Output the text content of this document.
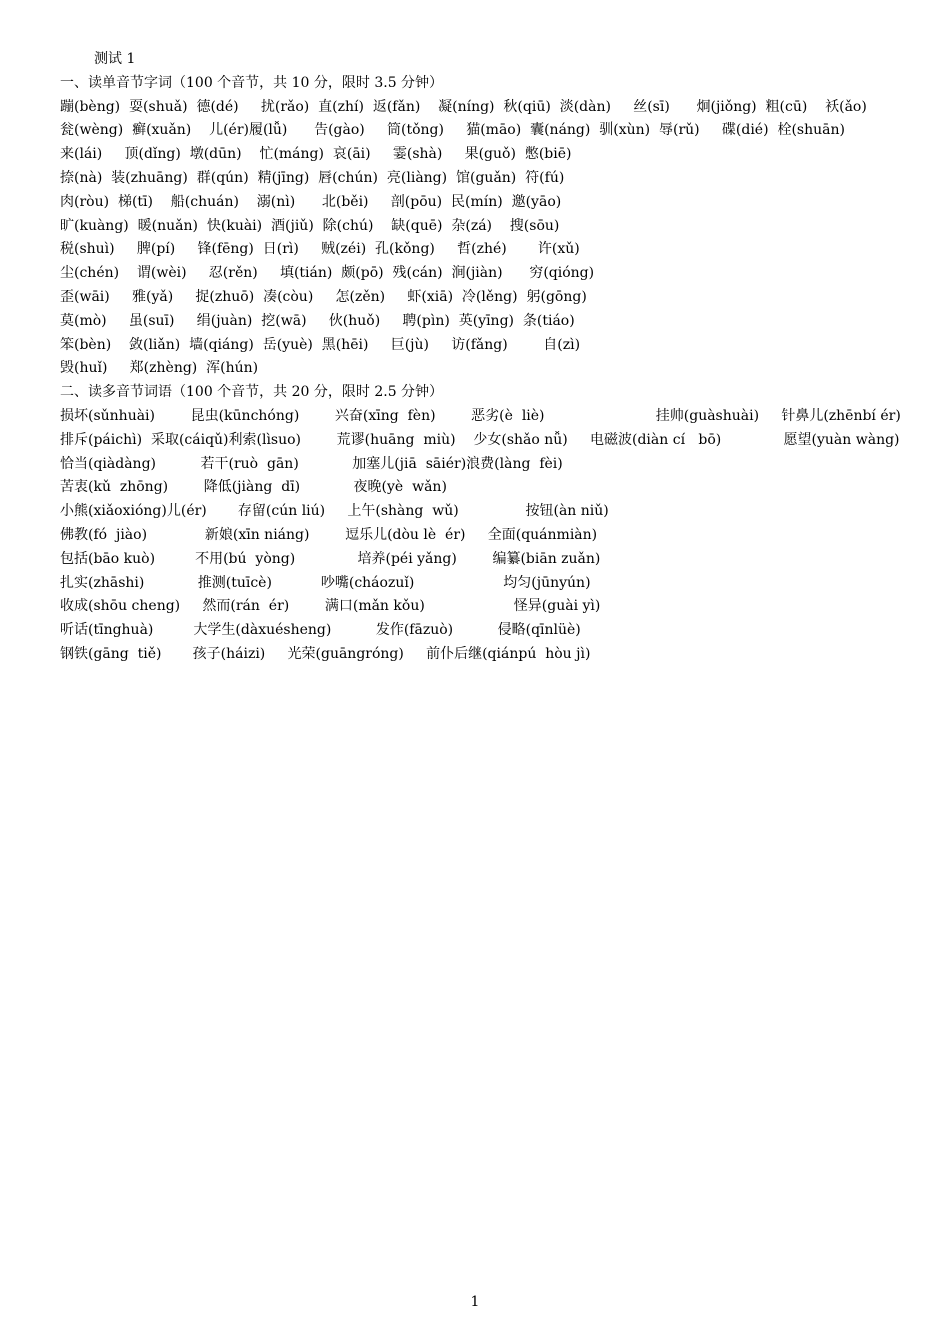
测试 1
一、读单音节字词（100 个音节，共 10 分，限时 3.5 分钟）
蹦(bèng)  耍(shuǎ)  德(dé)     扰(rǎo)  直(zhí)  返(fǎn)    凝(níng)  秋(qiū)  淡(dàn)     丝(sī)      炯(jiǒng)  粗(cū)    袄(ǎo)
瓮(wèng)  癣(xuǎn)    儿(ér)履(lǚ)      告(gào)     筒(tǒng)     猫(māo)  囊(náng)  驯(xùn)  辱(rǔ)     碟(dié)  栓(shuān)
来(lái)     顶(dǐng)  墩(dūn)    忙(máng)  哀(āi)     霎(shà)     果(guǒ)  憋(biē)
捺(nà)  装(zhuāng)  群(qún)  精(jīng)  唇(chún)  亮(liàng)  馆(guǎn)  符(fú)
肉(ròu)  梯(tī)    船(chuán)    溺(nì)      北(běi)     剖(pōu)  民(mín)  邀(yāo)
旷(kuàng)  暖(nuǎn)  快(kuài)  酒(jiǔ)  除(chú)    缺(quē)  杂(zá)    搜(sōu)
税(shuì)     脾(pí)     锋(fēng)  日(rì)     贼(zéi)  孔(kǒng)     哲(zhé)       许(xǔ)
尘(chén)    谓(wèi)     忍(rěn)     填(tián)  颇(pō)  残(cán)  涧(jiàn)      穷(qióng)
歪(wāi)     雅(yǎ)     捉(zhuō)  凑(còu)     怎(zěn)     虾(xiā)  冷(lěng)  躬(gōng)
莫(mò)     虽(suī)     绢(juàn)  挖(wā)     伙(huǒ)     聘(pìn)  英(yīng)  条(tiáo)
笨(bèn)    敛(liǎn)  墙(qiáng)  岳(yuè)  黑(hēi)     巨(jù)     访(fǎng)        自(zì)
毁(huǐ)     郑(zhèng)  浑(hún)
二、读多音节词语（100 个音节，共 20 分，限时 2.5 分钟）
损坏(sǔnhuài)        昆虫(kūnchóng)        兴奋(xīng  fèn)        恶劣(è  liè)                         挂帅(guàshuài)     针鼻儿(zhēnbí ér)
排斥(páichì)  采取(cáiqǔ)利索(lìsuo)        荒谬(huāng  miù)    少女(shǎo nǚ)     电磁波(diàn cí   bō)              愿望(yuàn wàng)     恰当(qiàdàng)          若干(ruò  gān)            加塞儿(jiā  sāiér)浪费(làng  fèi)
苦衷(kǔ  zhōng)        降低(jiàng  dī)            夜晚(yè  wǎn)
小熊(xiǎoxióng)儿(ér)       存留(cún liú)     上午(shàng  wǔ)               按钮(àn niǔ)
佛教(fó  jiào)             新娘(xīn niáng)        逗乐儿(dòu lè  ér)     全面(quánmiàn)
包括(bāo kuò)         不用(bú  yòng)              培养(péi yǎng)        编纂(biān zuǎn)
扎实(zhāshi)            推测(tuīcè)           吵嘴(cháozuǐ)                    均匀(jūnyún)
收成(shōu cheng)     然而(rán  ér)        满口(mǎn kǒu)                    怪异(guài yì)
听话(tīnghuà)         大学生(dàxuésheng)          发作(fāzuò)          侵略(qīnlüè)
钢铁(gāng  tiě)       孩子(háizi)     光荣(guāngróng)     前仆后继(qiánpú  hòu jì)
1
